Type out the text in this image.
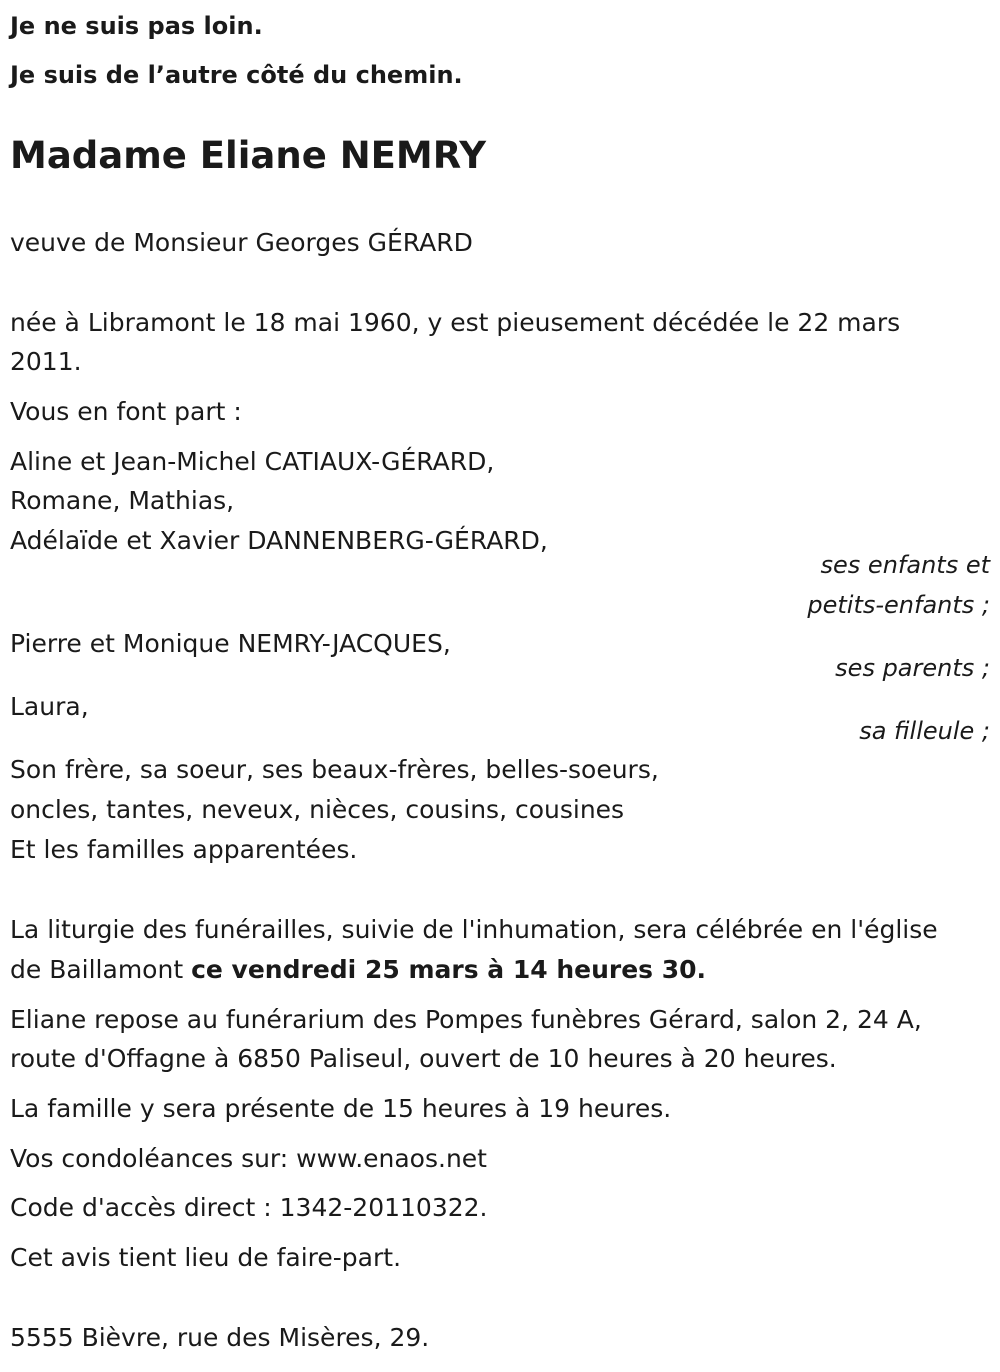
Je ne suis pas loin.
Je suis de l’autre côté du chemin.
Madame Eliane NEMRY
veuve de Monsieur Georges GÉRARD
née à Libramont le 18 mai 1960, y est pieusement décédée le 22 mars
2011.
Vous en font part :
Aline et Jean-Michel CATIAUX-GÉRARD,
Romane, Mathias,
Adélaïde et Xavier DANNENBERG-GÉRARD,
ses enfants et
petits-enfants ;
Pierre et Monique NEMRY-JACQUES,
ses parents ;
Laura,
sa filleule ;
Son frère, sa soeur, ses beaux-frères, belles-soeurs,
oncles, tantes, neveux, nièces, cousins, cousines
Et les familles apparentées.
La liturgie des funérailles, suivie de l'inhumation, sera célébrée en l'église
de Baillamont ce vendredi 25 mars à 14 heures 30.
Eliane repose au funérarium des Pompes funèbres Gérard, salon 2, 24 A,
route d'Offagne à 6850 Paliseul, ouvert de 10 heures à 20 heures.
La famille y sera présente de 15 heures à 19 heures.
Vos condoléances sur: www.enaos.net
Code d'accès direct : 1342-20110322.
Cet avis tient lieu de faire-part.
5555 Bièvre, rue des Misères, 29.
